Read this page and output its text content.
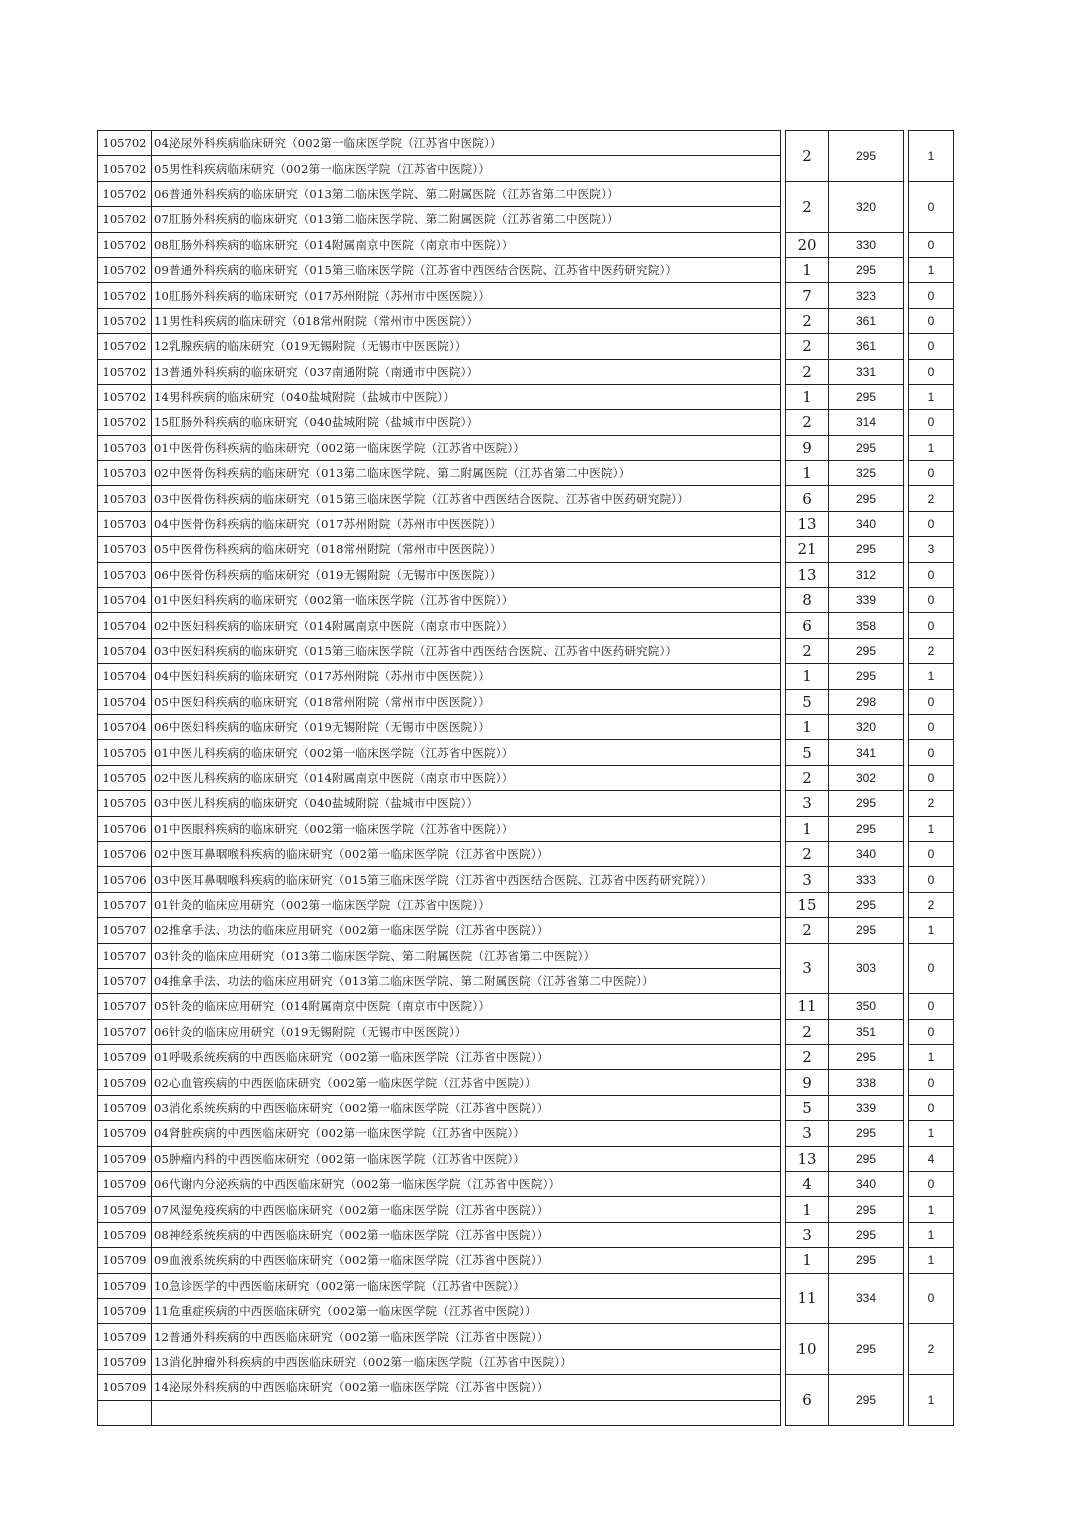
105702	04泌尿外科疾病临床研究（002第一临床医学院（江苏省中医院））		2	295		1
105702	05男性科疾病临床研究（002第一临床医学院（江苏省中医院））					
105702	06普通外科疾病的临床研究（013第二临床医学院、第二附属医院（江苏省第二中医院））		2	320		0
105702	07肛肠外科疾病的临床研究（013第二临床医学院、第二附属医院（江苏省第二中医院））					
105702	08肛肠外科疾病的临床研究（014附属南京中医院（南京市中医院））		20	330		0
105702	09普通外科疾病的临床研究（015第三临床医学院（江苏省中西医结合医院、江苏省中医药研究院））		1	295		1
105702	10肛肠外科疾病的临床研究（017苏州附院（苏州市中医医院））		7	323		0
105702	11男性科疾病的临床研究（018常州附院（常州市中医医院））		2	361		0
105702	12乳腺疾病的临床研究（019无锡附院（无锡市中医医院））		2	361		0
105702	13普通外科疾病的临床研究（037南通附院（南通市中医院））		2	331		0
105702	14男科疾病的临床研究（040盐城附院（盐城市中医院））		1	295		1
105702	15肛肠外科疾病的临床研究（040盐城附院（盐城市中医院））		2	314		0
105703	01中医骨伤科疾病的临床研究（002第一临床医学院（江苏省中医院））		9	295		1
105703	02中医骨伤科疾病的临床研究（013第二临床医学院、第二附属医院（江苏省第二中医院））		1	325		0
105703	03中医骨伤科疾病的临床研究（015第三临床医学院（江苏省中西医结合医院、江苏省中医药研究院））		6	295		2
105703	04中医骨伤科疾病的临床研究（017苏州附院（苏州市中医医院））		13	340		0
105703	05中医骨伤科疾病的临床研究（018常州附院（常州市中医医院））		21	295		3
105703	06中医骨伤科疾病的临床研究（019无锡附院（无锡市中医医院））		13	312		0
105704	01中医妇科疾病的临床研究（002第一临床医学院（江苏省中医院））		8	339		0
105704	02中医妇科疾病的临床研究（014附属南京中医院（南京市中医院））		6	358		0
105704	03中医妇科疾病的临床研究（015第三临床医学院（江苏省中西医结合医院、江苏省中医药研究院））		2	295		2
105704	04中医妇科疾病的临床研究（017苏州附院（苏州市中医医院））		1	295		1
105704	05中医妇科疾病的临床研究（018常州附院（常州市中医医院））		5	298		0
105704	06中医妇科疾病的临床研究（019无锡附院（无锡市中医医院））		1	320		0
105705	01中医儿科疾病的临床研究（002第一临床医学院（江苏省中医院））		5	341		0
105705	02中医儿科疾病的临床研究（014附属南京中医院（南京市中医院））		2	302		0
105705	03中医儿科疾病的临床研究（040盐城附院（盐城市中医院））		3	295		2
105706	01中医眼科疾病的临床研究（002第一临床医学院（江苏省中医院））		1	295		1
105706	02中医耳鼻咽喉科疾病的临床研究（002第一临床医学院（江苏省中医院））		2	340		0
105706	03中医耳鼻咽喉科疾病的临床研究（015第三临床医学院（江苏省中西医结合医院、江苏省中医药研究院））		3	333		0
105707	01针灸的临床应用研究（002第一临床医学院（江苏省中医院））		15	295		2
105707	02推拿手法、功法的临床应用研究（002第一临床医学院（江苏省中医院））		2	295		1
105707	03针灸的临床应用研究（013第二临床医学院、第二附属医院（江苏省第二中医院））		3	303		0
105707	04推拿手法、功法的临床应用研究（013第二临床医学院、第二附属医院（江苏省第二中医院））					
105707	05针灸的临床应用研究（014附属南京中医院（南京市中医院））		11	350		0
105707	06针灸的临床应用研究（019无锡附院（无锡市中医医院））		2	351		0
105709	01呼吸系统疾病的中西医临床研究（002第一临床医学院（江苏省中医院））		2	295		1
105709	02心血管疾病的中西医临床研究（002第一临床医学院（江苏省中医院））		9	338		0
105709	03消化系统疾病的中西医临床研究（002第一临床医学院（江苏省中医院））		5	339		0
105709	04肾脏疾病的中西医临床研究（002第一临床医学院（江苏省中医院））		3	295		1
105709	05肿瘤内科的中西医临床研究（002第一临床医学院（江苏省中医院））		13	295		4
105709	06代谢内分泌疾病的中西医临床研究（002第一临床医学院（江苏省中医院））		4	340		0
105709	07风湿免疫疾病的中西医临床研究（002第一临床医学院（江苏省中医院））		1	295		1
105709	08神经系统疾病的中西医临床研究（002第一临床医学院（江苏省中医院））		3	295		1
105709	09血液系统疾病的中西医临床研究（002第一临床医学院（江苏省中医院））		1	295		1
105709	10急诊医学的中西医临床研究（002第一临床医学院（江苏省中医院））		11	334		0
105709	11危重症疾病的中西医临床研究（002第一临床医学院（江苏省中医院））					
105709	12普通外科疾病的中西医临床研究（002第一临床医学院（江苏省中医院））		10	295		2
105709	13消化肿瘤外科疾病的中西医临床研究（002第一临床医学院（江苏省中医院））					
105709	14泌尿外科疾病的中西医临床研究（002第一临床医学院（江苏省中医院））		6	295		1
